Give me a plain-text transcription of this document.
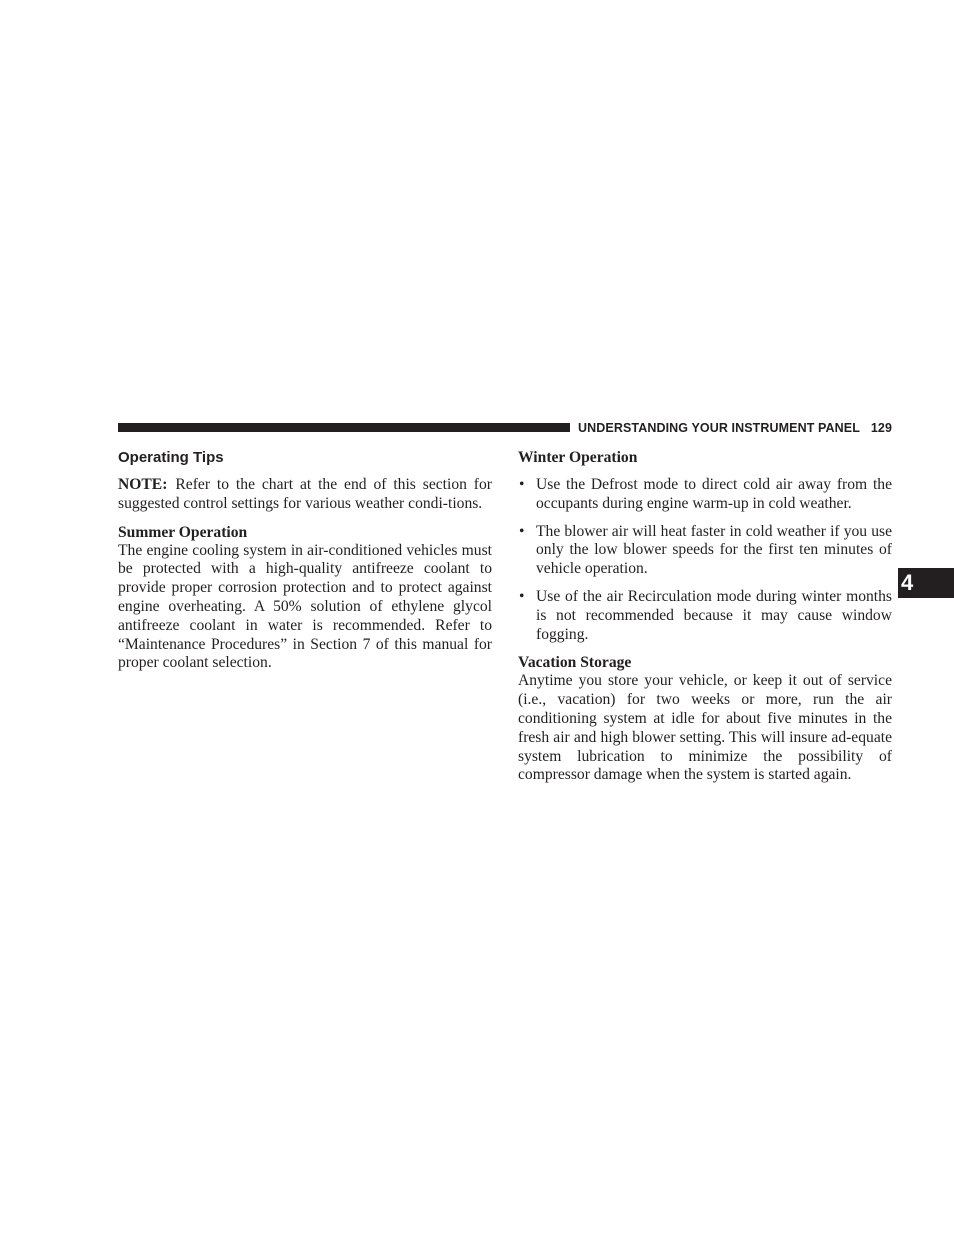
UNDERSTANDING YOUR INSTRUMENT PANEL 129
Operating Tips

NOTE: Refer to the chart at the end of this section for suggested control settings for various weather condi-tions.

Summer Operation

The engine cooling system in air-conditioned vehicles must be protected with a high-quality antifreeze coolant to provide proper corrosion protection and to protect against engine overheating. A 50% solution of ethylene glycol antifreeze coolant in water is recommended. Refer to “Maintenance Procedures” in Section 7 of this manual for proper coolant selection.

Winter Operation
• Use the Defrost mode to direct cold air away from the occupants during engine warm-up in cold weather.
• The blower air will heat faster in cold weather if you use only the low blower speeds for the first ten minutes of vehicle operation.
• Use of the air Recirculation mode during winter months is not recommended because it may cause window fogging.
Vacation Storage

Anytime you store your vehicle, or keep it out of service (i.e., vacation) for two weeks or more, run the air conditioning system at idle for about five minutes in the fresh air and high blower setting. This will insure ad-equate system lubrication to minimize the possibility of compressor damage when the system is started again.

4
